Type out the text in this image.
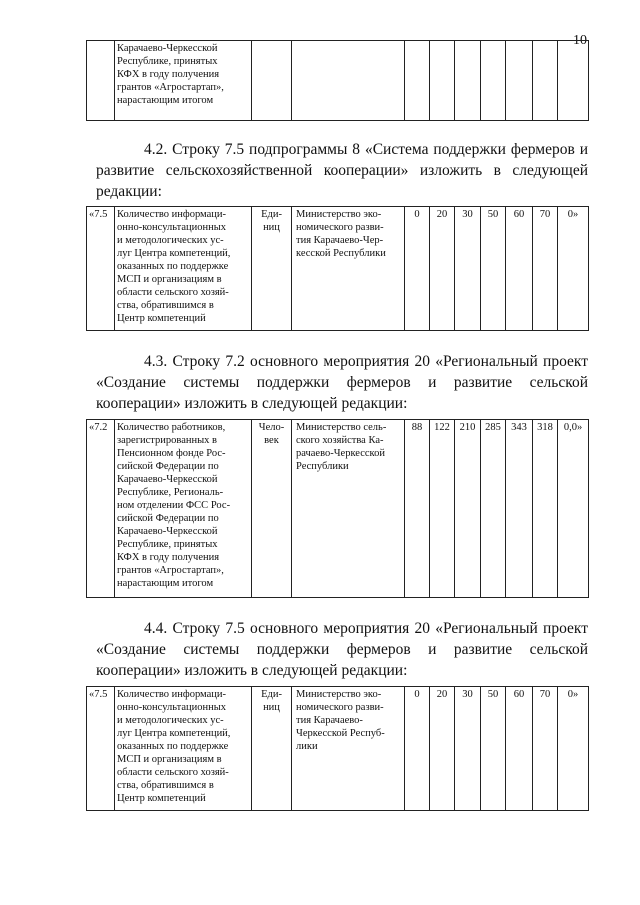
10
	Карачаево-Черкесской
Республике, принятых
КФХ в году получения
грантов «Агростартап»,
нарастающим итогом									
4.2. Строку 7.5 подпрограммы 8 «Система поддержки фермеров и развитие сельскохозяйственной кооперации» изложить в следующей редакции:
«7.5	Количество информаци-
онно-консультационных
и методологических ус-
луг Центра компетенций,
оказанных по поддержке
МСП и организациям в
области сельского хозяй-
ства, обратившимся в
Центр компетенций	Еди-
ниц	Министерство эко-
номического разви-
тия Карачаево-Чер-
кесской Республики	0	20	30	50	60	70	0»
4.3. Строку 7.2 основного мероприятия 20 «Региональный проект «Создание системы поддержки фермеров и развитие сельской кооперации» изложить в следующей редакции:
«7.2	Количество работников,
зарегистрированных в
Пенсионном фонде Рос-
сийской Федерации по
Карачаево-Черкесской
Республике, Региональ-
ном отделении ФСС Рос-
сийской Федерации по
Карачаево-Черкесской
Республике, принятых
КФХ в году получения
грантов «Агростартап»,
нарастающим итогом	Чело-
век	Министерство сель-
ского хозяйства Ка-
рачаево-Черкесской
Республики	88	122	210	285	343	318	0,0»
4.4. Строку 7.5 основного мероприятия 20 «Региональный проект «Создание системы поддержки фермеров и развитие сельской кооперации» изложить в следующей редакции:
«7.5	Количество информаци-
онно-консультационных
и методологических ус-
луг Центра компетенций,
оказанных по поддержке
МСП и организациям в
области сельского хозяй-
ства, обратившимся в
Центр компетенций	Еди-
ниц	Министерство эко-
номического разви-
тия Карачаево-
Черкесской Респуб-
лики	0	20	30	50	60	70	0»
